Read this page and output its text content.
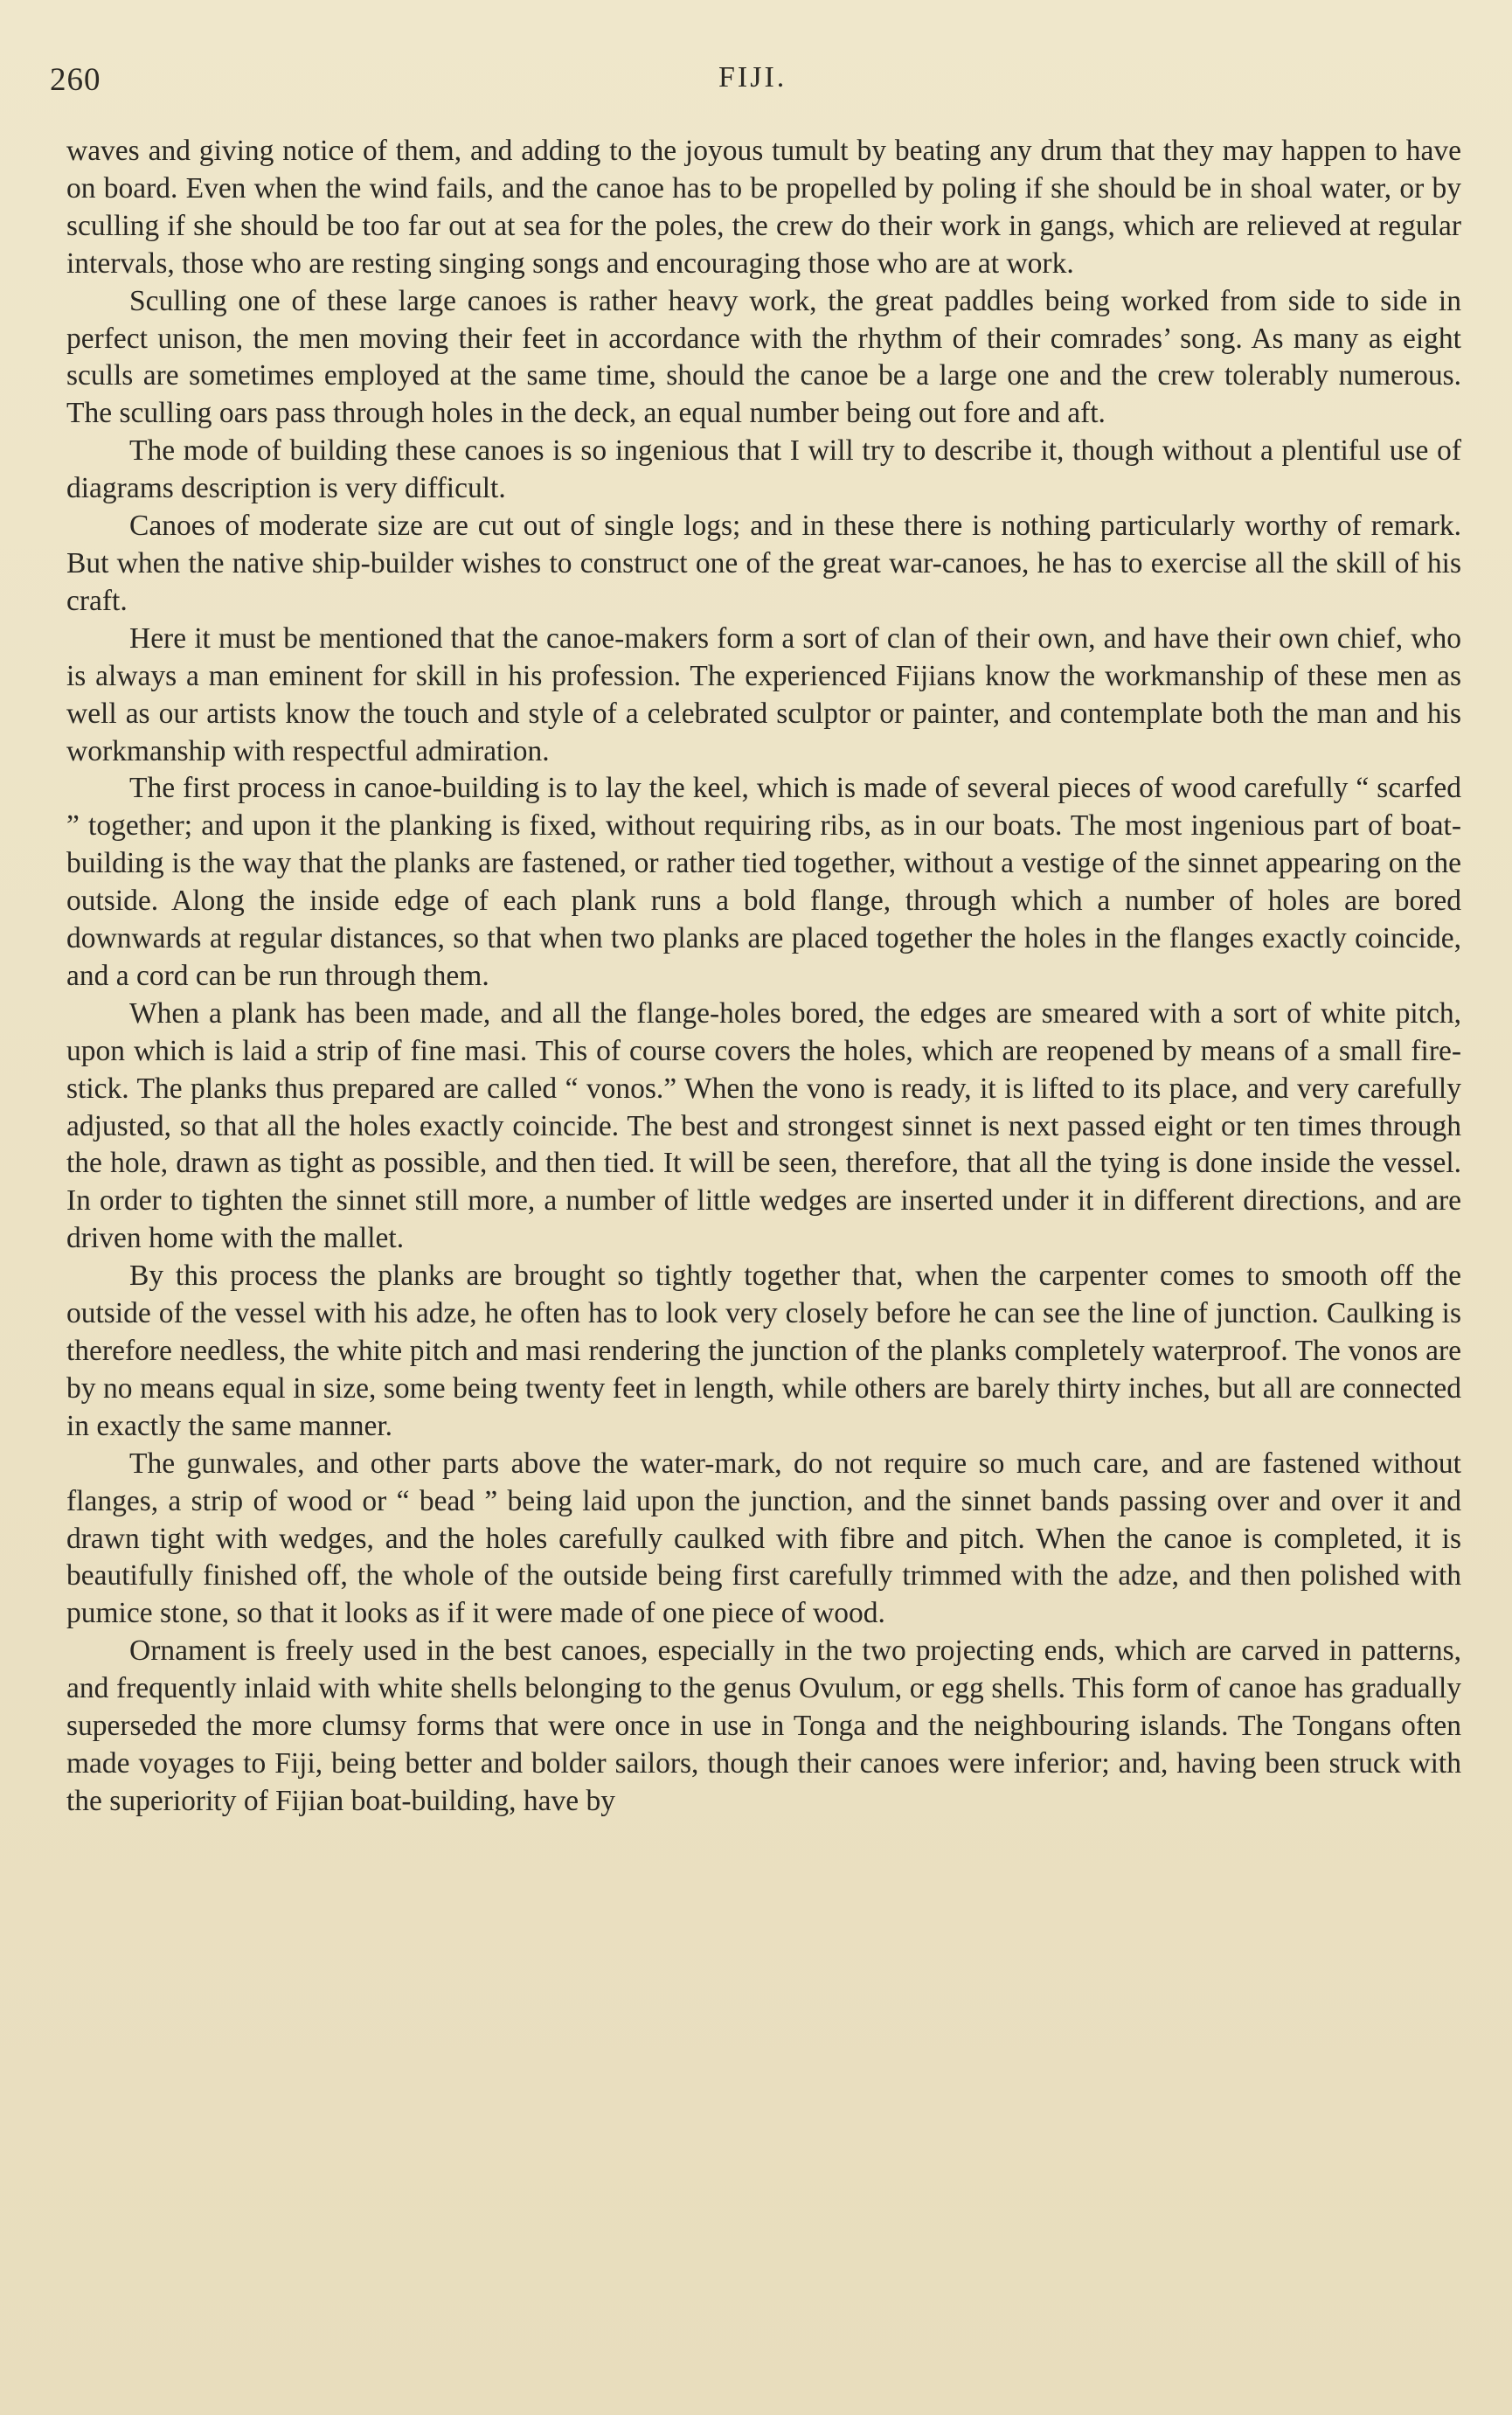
260	FIJI.

waves and giving notice of them, and adding to the joyous tumult by beating any drum that they may happen to have on board. Even when the wind fails, and the canoe has to be propelled by poling if she should be in shoal water, or by sculling if she should be too far out at sea for the poles, the crew do their work in gangs, which are relieved at regular intervals, those who are resting singing songs and encouraging those who are at work.

Sculling one of these large canoes is rather heavy work, the great paddles being worked from side to side in perfect unison, the men moving their feet in accordance with the rhythm of their comrades’ song. As many as eight sculls are sometimes employed at the same time, should the canoe be a large one and the crew tolerably numerous. The sculling oars pass through holes in the deck, an equal number being out fore and aft.

The mode of building these canoes is so ingenious that I will try to describe it, though without a plentiful use of diagrams description is very difficult.

Canoes of moderate size are cut out of single logs; and in these there is nothing particularly worthy of remark. But when the native ship-builder wishes to construct one of the great war-canoes, he has to exercise all the skill of his craft.

Here it must be mentioned that the canoe-makers form a sort of clan of their own, and have their own chief, who is always a man eminent for skill in his profession. The experienced Fijians know the workmanship of these men as well as our artists know the touch and style of a celebrated sculptor or painter, and contemplate both the man and his workmanship with respectful admiration.

The first process in canoe-building is to lay the keel, which is made of several pieces of wood carefully “ scarfed ” together; and upon it the planking is fixed, without requiring ribs, as in our boats. The most ingenious part of boat-building is the way that the planks are fastened, or rather tied together, without a vestige of the sinnet appearing on the outside. Along the inside edge of each plank runs a bold flange, through which a number of holes are bored downwards at regular distances, so that when two planks are placed together the holes in the flanges exactly coincide, and a cord can be run through them.

When a plank has been made, and all the flange-holes bored, the edges are smeared with a sort of white pitch, upon which is laid a strip of fine masi. This of course covers the holes, which are reopened by means of a small fire-stick. The planks thus prepared are called “ vonos.” When the vono is ready, it is lifted to its place, and very carefully adjusted, so that all the holes exactly coincide. The best and strongest sinnet is next passed eight or ten times through the hole, drawn as tight as possible, and then tied. It will be seen, therefore, that all the tying is done inside the vessel. In order to tighten the sinnet still more, a number of little wedges are inserted under it in different directions, and are driven home with the mallet.

By this process the planks are brought so tightly together that, when the carpenter comes to smooth off the outside of the vessel with his adze, he often has to look very closely before he can see the line of junction. Caulking is therefore needless, the white pitch and masi rendering the junction of the planks completely waterproof. The vonos are by no means equal in size, some being twenty feet in length, while others are barely thirty inches, but all are connected in exactly the same manner.

The gunwales, and other parts above the water-mark, do not require so much care, and are fastened without flanges, a strip of wood or “ bead ” being laid upon the junction, and the sinnet bands passing over and over it and drawn tight with wedges, and the holes carefully caulked with fibre and pitch. When the canoe is completed, it is beautifully finished off, the whole of the outside being first carefully trimmed with the adze, and then polished with pumice stone, so that it looks as if it were made of one piece of wood.

Ornament is freely used in the best canoes, especially in the two projecting ends, which are carved in patterns, and frequently inlaid with white shells belonging to the genus Ovulum, or egg shells. This form of canoe has gradually superseded the more clumsy forms that were once in use in Tonga and the neighbouring islands. The Tongans often made voyages to Fiji, being better and bolder sailors, though their canoes were inferior; and, having been struck with the superiority of Fijian boat-building, have by
